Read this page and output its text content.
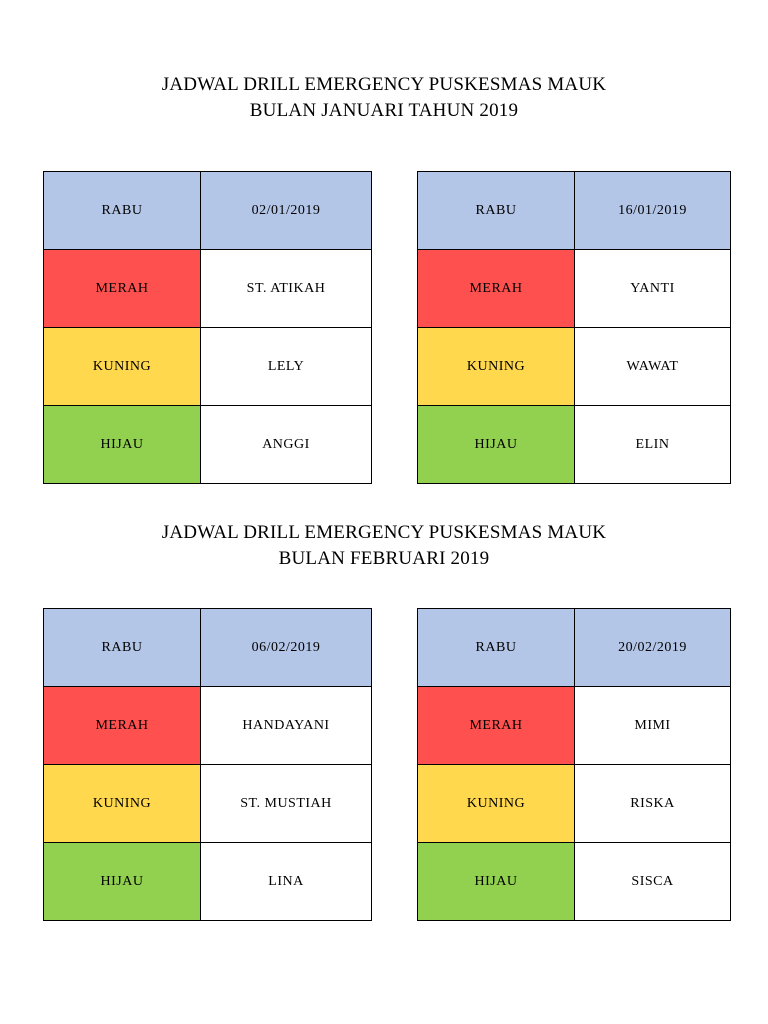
JADWAL DRILL EMERGENCY PUSKESMAS MAUK
BULAN JANUARI TAHUN 2019
RABU	02/01/2019
MERAH	ST. ATIKAH
KUNING	LELY
HIJAU	ANGGI
RABU	16/01/2019
MERAH	YANTI
KUNING	WAWAT
HIJAU	ELIN
JADWAL DRILL EMERGENCY PUSKESMAS MAUK
BULAN FEBRUARI 2019
RABU	06/02/2019
MERAH	HANDAYANI
KUNING	ST. MUSTIAH
HIJAU	LINA
RABU	20/02/2019
MERAH	MIMI
KUNING	RISKA
HIJAU	SISCA
